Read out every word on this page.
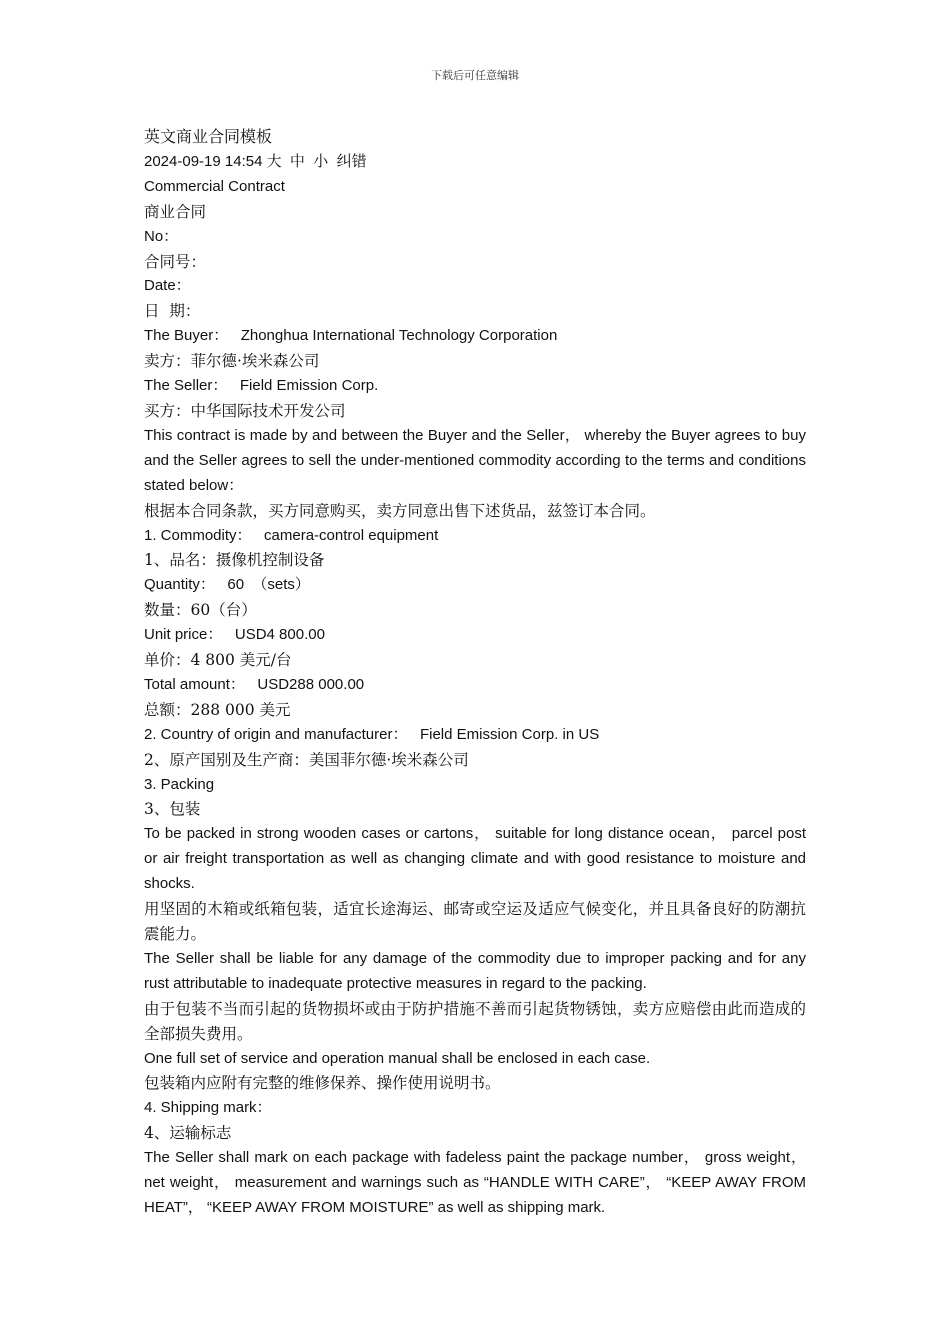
下载后可任意编辑

英文商业合同模板

2024-09-19 14:54 大  中  小  纠错

Commercial Contract

商业合同

No：

合同号：

Date：

日  期：

The Buyer：   Zhonghua International Technology Corporation

卖方：菲尔德·埃米森公司

The Seller：   Field Emission Corp.

买方：中华国际技术开发公司

This contract is made by and between the Buyer and the Seller， whereby the Buyer agrees to buy and the Seller agrees to sell the under-mentioned commodity according to the terms and conditions stated below：

根据本合同条款，买方同意购买，卖方同意出售下述货品，兹签订本合同。

1. Commodity：   camera-control equipment

1、品名：摄像机控制设备

Quantity：   60  （sets）

数量：60（台）

Unit price：   USD4 800.00

单价：4 800 美元/台

Total amount：   USD288 000.00

总额：288 000 美元

2. Country of origin and manufacturer：   Field Emission Corp. in US

2、原产国别及生产商：美国菲尔德·埃米森公司

3. Packing

3、包装

To be packed in strong wooden cases or cartons， suitable for long distance ocean， parcel post or air freight transportation as well as changing climate and with good resistance to moisture and shocks.

用坚固的木箱或纸箱包装，适宜长途海运、邮寄或空运及适应气候变化，并且具备良好的防潮抗震能力。

The Seller shall be liable for any damage of the commodity due to improper packing and for any rust attributable to inadequate protective measures in regard to the packing.

由于包装不当而引起的货物损坏或由于防护措施不善而引起货物锈蚀，卖方应赔偿由此而造成的全部损失费用。

One full set of service and operation manual shall be enclosed in each case.

包装箱内应附有完整的维修保养、操作使用说明书。

4. Shipping mark：

4、运输标志

The Seller shall mark on each package with fadeless paint the package number， gross weight， net weight， measurement and warnings such as “HANDLE WITH CARE”， “KEEP AWAY FROM HEAT”， “KEEP AWAY FROM MOISTURE” as well as shipping mark.
